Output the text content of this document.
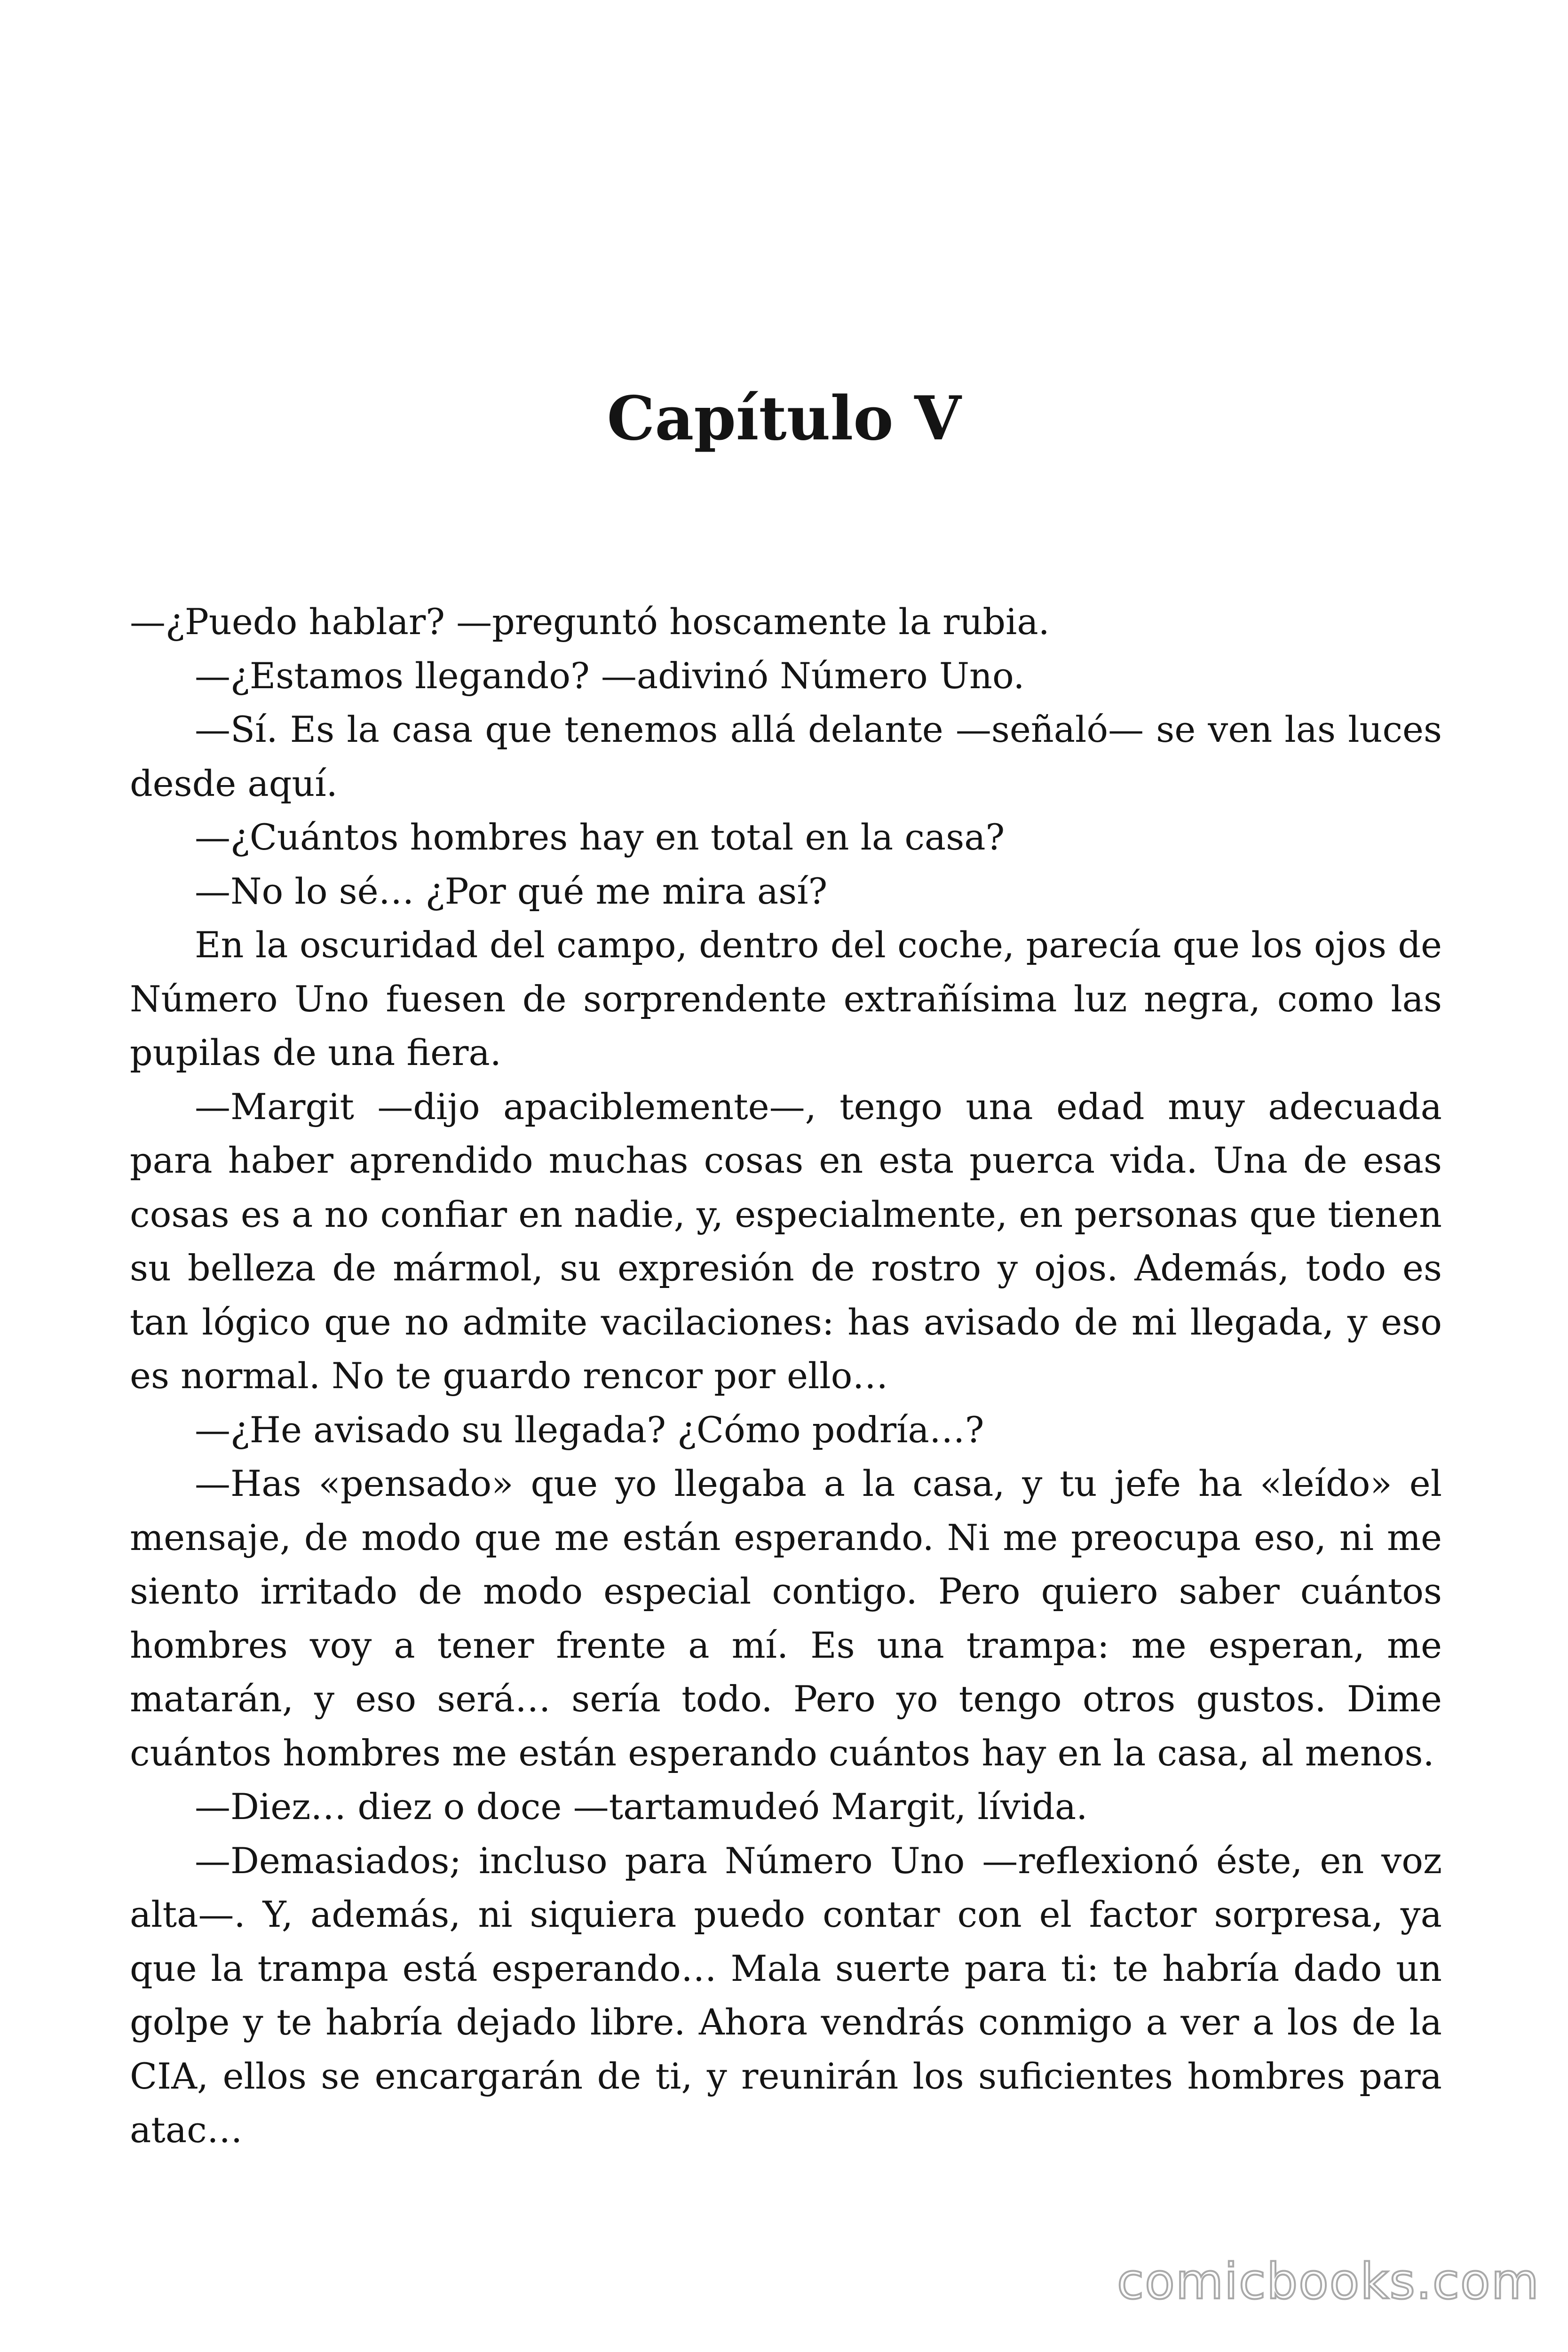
Capítulo V

—¿Puedo hablar? —preguntó hoscamente la rubia.

—¿Estamos llegando? —adivinó Número Uno.

—Sí. Es la casa que tenemos allá delante —señaló— se ven las luces desde aquí.

—¿Cuántos hombres hay en total en la casa?

—No lo sé… ¿Por qué me mira así?

En la oscuridad del campo, dentro del coche, parecía que los ojos de Número Uno fuesen de sorprendente extrañísima luz negra, como las pupilas de una fiera.

—Margit —dijo apaciblemente—, tengo una edad muy adecuada para haber aprendido muchas cosas en esta puerca vida. Una de esas cosas es a no confiar en nadie, y, especialmente, en personas que tienen su belleza de mármol, su expresión de rostro y ojos. Además, todo es tan lógico que no admite vacilaciones: has avisado de mi llegada, y eso es normal. No te guardo rencor por ello…

—¿He avisado su llegada? ¿Cómo podría…?

—Has «pensado» que yo llegaba a la casa, y tu jefe ha «leído» el mensaje, de modo que me están esperando. Ni me preocupa eso, ni me siento irritado de modo especial contigo. Pero quiero saber cuántos hombres voy a tener frente a mí. Es una trampa: me esperan, me matarán, y eso será… sería todo. Pero yo tengo otros gustos. Dime cuántos hombres me están esperando cuántos hay en la casa, al menos.

—Diez… diez o doce —tartamudeó Margit, lívida.

—Demasiados; incluso para Número Uno —reflexionó éste, en voz alta—. Y, además, ni siquiera puedo contar con el factor sorpresa, ya que la trampa está esperando… Mala suerte para ti: te habría dado un golpe y te habría dejado libre. Ahora vendrás conmigo a ver a los de la CIA, ellos se encargarán de ti, y reunirán los suficientes hombres para atac…

comicbooks.com
